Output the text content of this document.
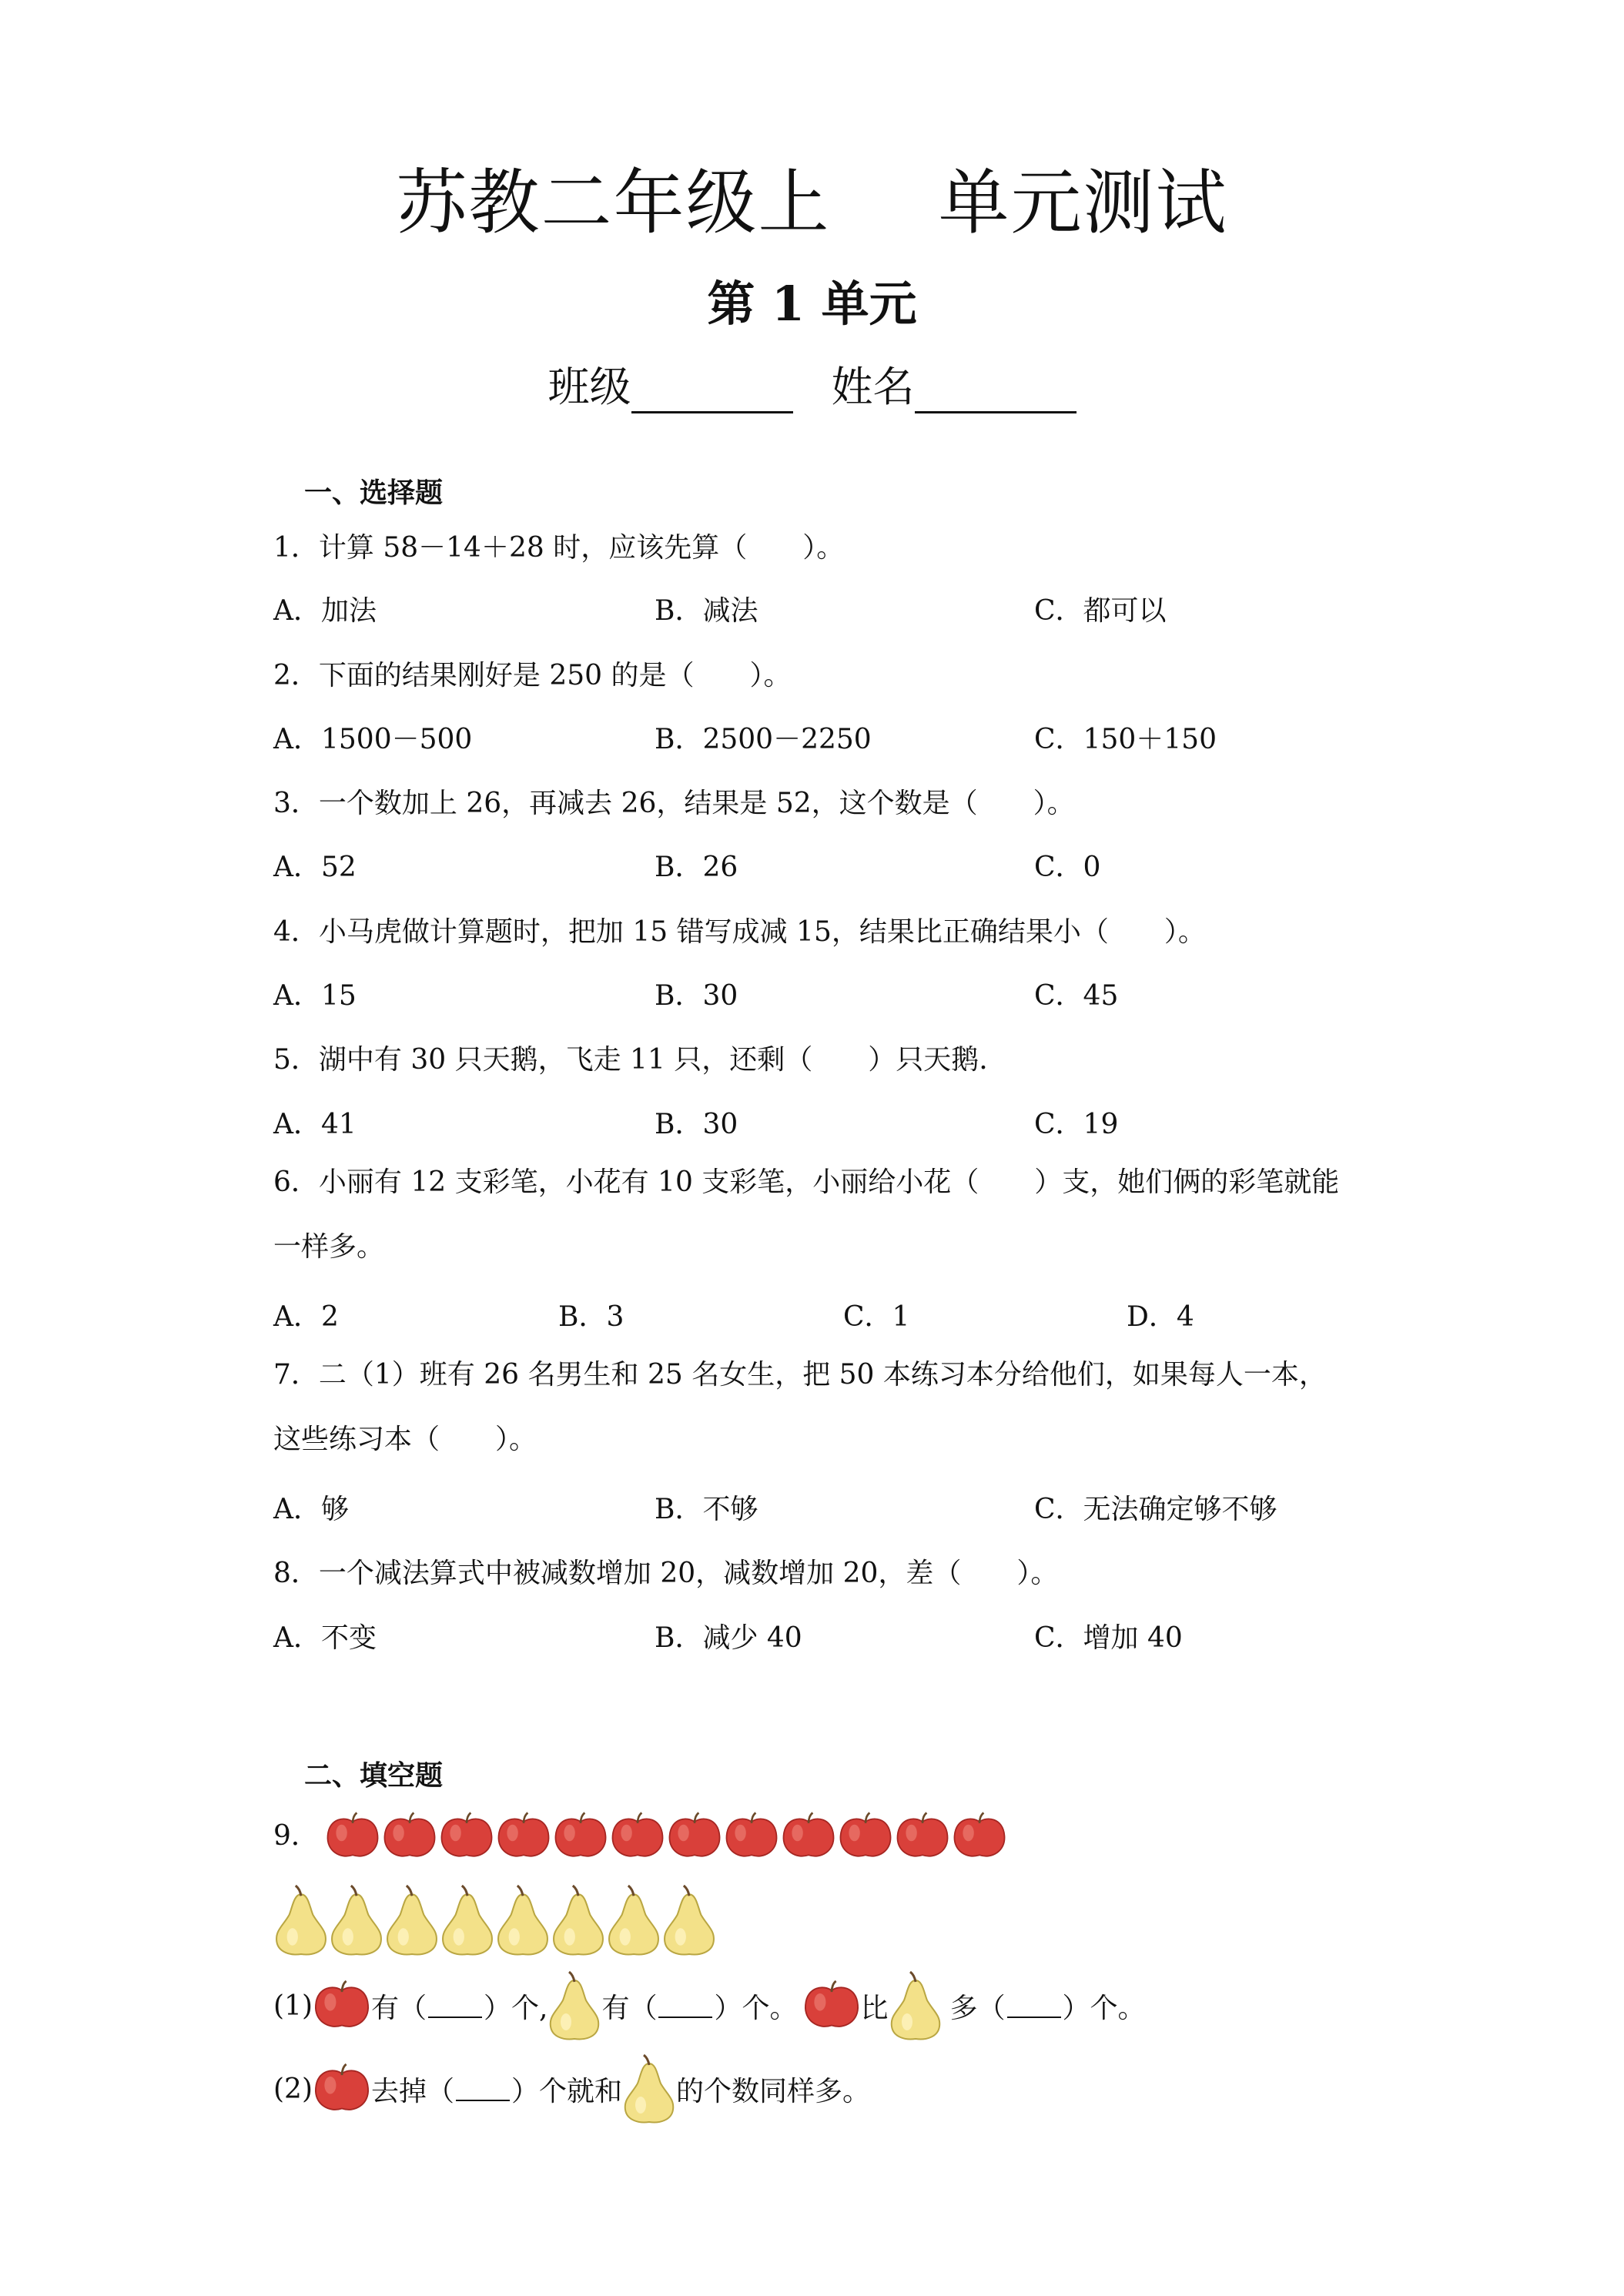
苏教二年级上 单元测试
第 1 单元
班级	姓名
一、选择题
1．计算 58－14＋28 时，应该先算（　　）。
A．加法	B．减法	C．都可以
2．下面的结果刚好是 250 的是（　　）。
A．1500－500	B．2500－2250	C．150＋150
3．一个数加上 26，再减去 26，结果是 52，这个数是（　　）。
A．52	B．26	C．0
4．小马虎做计算题时，把加 15 错写成减 15，结果比正确结果小（　　）。
A．15	B．30	C．45
5．湖中有 30 只天鹅，飞走 11 只，还剩（　　）只天鹅.
A．41	B．30	C．19
6．小丽有 12 支彩笔，小花有 10 支彩笔，小丽给小花（　　）支，她们俩的彩笔就能一样多。
A．2	B．3	C．1	D．4
7．二（1）班有 26 名男生和 25 名女生，把 50 本练习本分给他们，如果每人一本，这些练习本（　　）。
A．够	B．不够	C．无法确定够不够
8．一个减法算式中被减数增加 20，减数增加 20，差（　　）。
A．不变	B．减少 40	C．增加 40
二、填空题
9．
(1) 有（ ）个, 有（ ）个。 比 多（ ）个。
(2) 去掉（ ）个就和 的个数同样多。
